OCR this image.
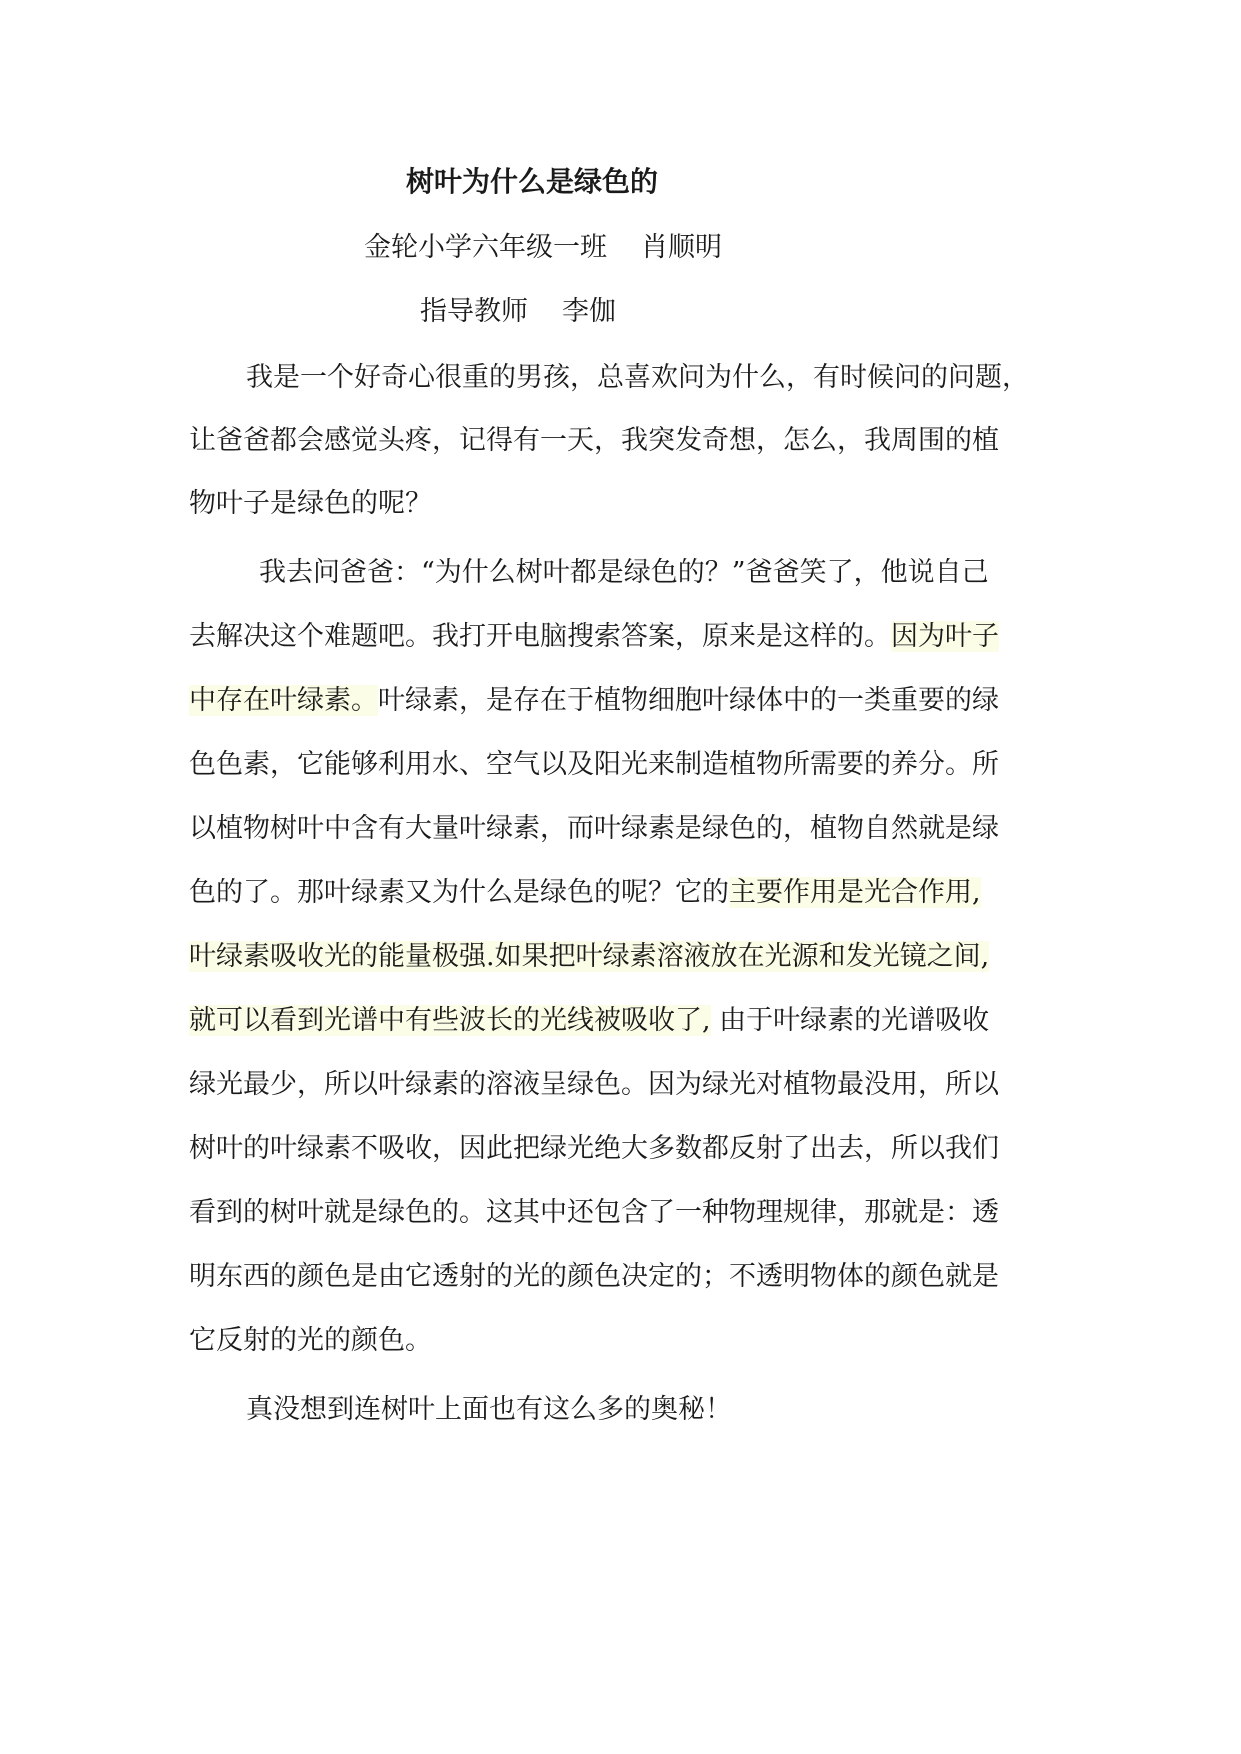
树叶为什么是绿色的

金轮小学六年级一班 肖顺明

指导教师 李伽

我是一个好奇心很重的男孩，总喜欢问为什么，有时候问的问题，
让爸爸都会感觉头疼，记得有一天，我突发奇想，怎么，我周围的植
物叶子是绿色的呢？
我去问爸爸：“为什么树叶都是绿色的？”爸爸笑了，他说自己
去解决这个难题吧。我打开电脑搜索答案，原来是这样的。因为叶子
中存在叶绿素。叶绿素，是存在于植物细胞叶绿体中的一类重要的绿
色色素，它能够利用水、空气以及阳光来制造植物所需要的养分。所
以植物树叶中含有大量叶绿素，而叶绿素是绿色的，植物自然就是绿
色的了。那叶绿素又为什么是绿色的呢？它的主要作用是光合作用,
叶绿素吸收光的能量极强.如果把叶绿素溶液放在光源和发光镜之间,
就可以看到光谱中有些波长的光线被吸收了, 由于叶绿素的光谱吸收
绿光最少，所以叶绿素的溶液呈绿色。因为绿光对植物最没用，所以
树叶的叶绿素不吸收，因此把绿光绝大多数都反射了出去，所以我们
看到的树叶就是绿色的。这其中还包含了一种物理规律，那就是：透
明东西的颜色是由它透射的光的颜色决定的；不透明物体的颜色就是
它反射的光的颜色。
真没想到连树叶上面也有这么多的奥秘！
